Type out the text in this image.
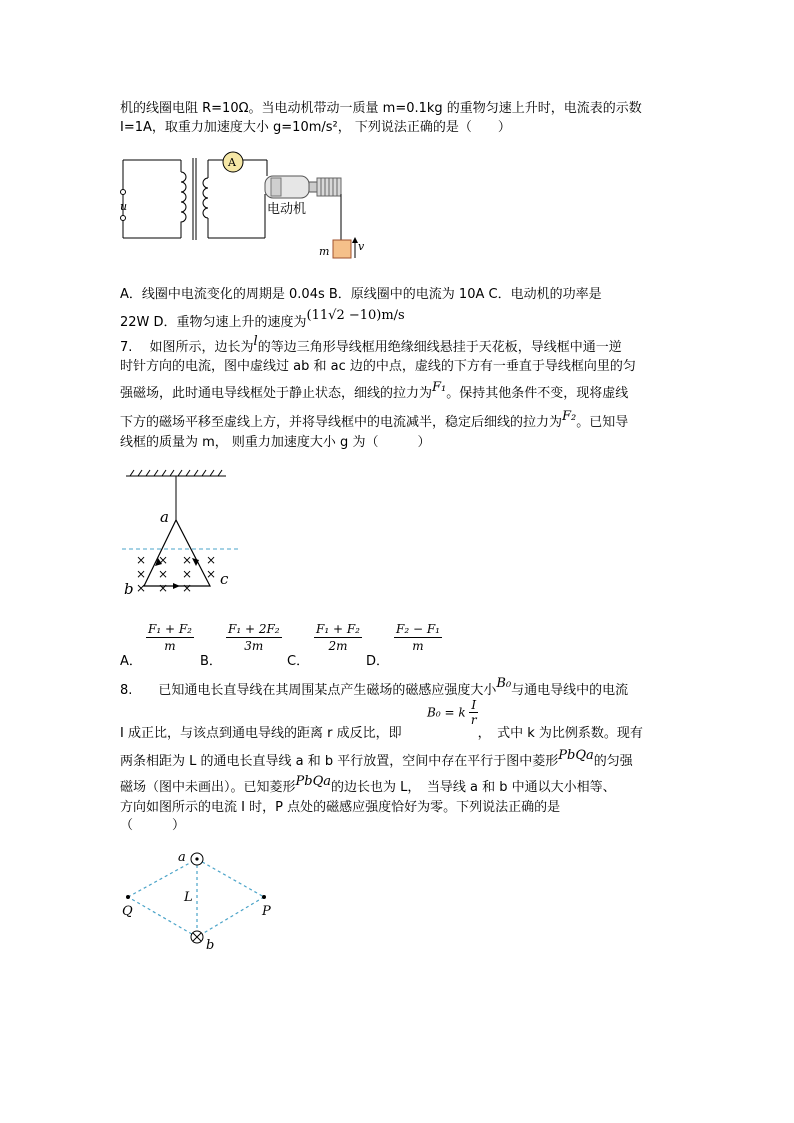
机的线圈电阻 R=10Ω。当电动机带动一质量 m=0.1kg 的重物匀速上升时，电流表的示数
I=1A，取重力加速度大小 g=10m/s²， 下列说法正确的是（　　）
u
A
电动机
m	v
A．线圈中电流变化的周期是 0.04s B．原线圈中的电流为 10A C．电动机的功率是
22W D．重物匀速上升的速度为(11√2 −10)m/s
7.　 如图所示，边长为l的等边三角形导线框用绝缘细线悬挂于天花板，导线框中通一逆
时针方向的电流，图中虚线过 ab 和 ac 边的中点，虚线的下方有一垂直于导线框向里的匀
强磁场，此时通电导线框处于静止状态，细线的拉力为F₁。保持其他条件不变，现将虚线
下方的磁场平移至虚线上方，并将导线框中的电流减半，稳定后细线的拉力为F₂。已知导
线框的质量为 m， 则重力加速度大小 g 为（　　　）
a
b
c
× × × ×
× × × ×
× × ×
A．
$\frac{\text{F₁ + F₂}}{m}$
B．
$\frac{\text{F₁ + 2F₂}}{3m}$
C．
$\frac{\text{F₁ + F₂}}{2m}$
D．
$\frac{\text{F₂ − F₁}}{m}$
8.　　已知通电长直导线在其周围某点产生磁场的磁感应强度大小B₀与通电导线中的电流
B₀ = k $\frac{I}{r}$
I 成正比，与该点到通电导线的距离 r 成反比，即	，　式中 k 为比例系数。现有
两条相距为 L 的通电长直导线 a 和 b 平行放置，空间中存在平行于图中菱形PbQa的匀强
磁场（图中未画出）。已知菱形PbQa的边长也为 L，　当导线 a 和 b 中通以大小相等、
方向如图所示的电流 I 时，P 点处的磁感应强度恰好为零。下列说法正确的是
（　　　）
a
b
Q	P
L
